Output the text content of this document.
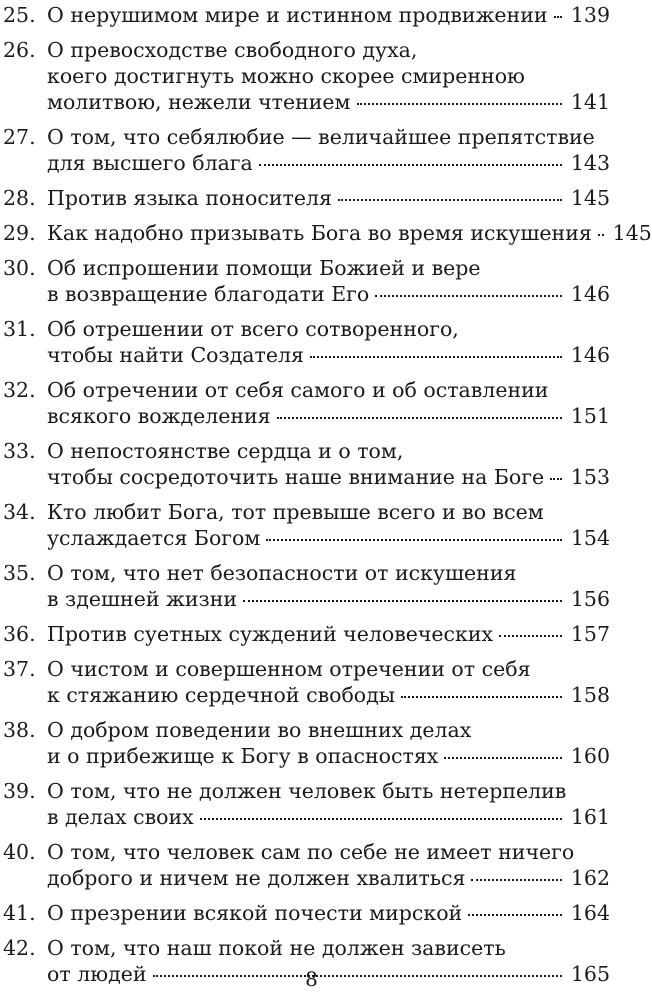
25. О нерушимом мире и истинном продвижении 139
26. О превосходстве свободного духа,
коего достигнуть можно скорее смиренною
молитвою, нежели чтением	141
27. О том, что себялюбие — величайшее препятствие
для высшего блага	143
28. Против языка поносителя	145
29. Как надобно призывать Бога во время искушения 145
30. Об испрошении помощи Божией и вере
в возвращение благодати Его	146
31. Об отрешении от всего сотворенного,
чтобы найти Создателя	146
32. Об отречении от себя самого и об оставлении
всякого вожделения	151
33. О непостоянстве сердца и о том,
чтобы сосредоточить наше внимание на Боге 153
34. Кто любит Бога, тот превыше всего и во всем
услаждается Богом	154
35. О том, что нет безопасности от искушения
в здешней жизни	156
36. Против суетных суждений человеческих	157
37. О чистом и совершенном отречении от себя
к стяжанию сердечной свободы	158
38. О добром поведении во внешних делах
и о прибежище к Богу в опасностях	160
39. О том, что не должен человек быть нетерпелив
в делах своих	161
40. О том, что человек сам по себе не имеет ничего
доброго и ничем не должен хвалиться	162
41. О презрении всякой почести мирской	164
42. О том, что наш покой не должен зависеть
от людей	165
8
